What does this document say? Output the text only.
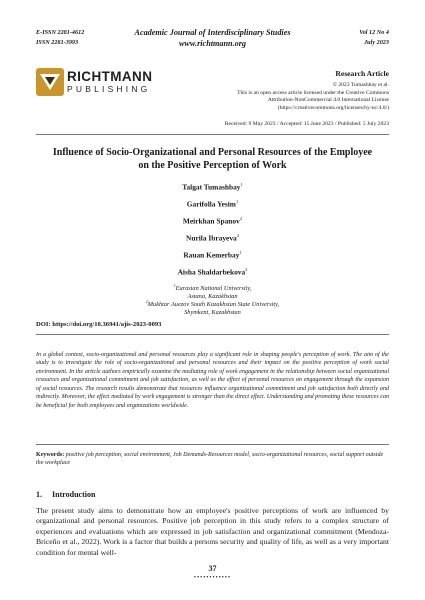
E-ISSN 2281-4612
ISSN 2281-3993
Academic Journal of Interdisciplinary Studies
www.richtmann.org
Vol 12 No 4
July 2023
RICHTMANN
PUBLISHING
Research Article
© 2023 Tumashbay et al.
This is an open access article licensed under the Creative Commons
Attribution-NonCommercial 4.0 International License
(https://creativecommons.org/licenses/by-nc/4.0/)
Received: 9 May 2023 / Accepted: 15 June 2023 / Published: 5 July 2023
Influence of Socio-Organizational and Personal Resources of the Employee on the Positive Perception of Work
Talgat Tumashbay$^1$
Garifolla Yesim$^1$
Meirkhan Spanov$^2$
Nurila Ibrayeva$^2$
Rauan Kemerbay$^1$
Aisha Shaldarbekova$^2$
$^1$Eurasian National University,
Astana, Kazakhstan
$^2$Mukhtar Auezov South Kazakhstan State University,
Shymkent, Kazakhstan
DOI: https://doi.org/10.36941/ajis-2023-0093
In a global context, socio-organizational and personal resources play a significant role in shaping people's perception of work. The aim of the study is to investigate the role of socio-organizational and personal resources and their impact on the positive perception of work social environment. In the article authors empirically examine the mediating role of work engagement in the relationship between social organizational resources and organizational commitment and job satisfaction, as well as the effect of personal resources on engagement through the expansion of social resources. The research results demonstrate that resources influence organizational commitment and job satisfaction both directly and indirectly. Moreover, the effect mediated by work engagement is stronger than the direct effect. Understanding and promoting these resources can be beneficial for both employees and organizations worldwide.
Keywords: positive job perception, social environment, Job Demands-Resources model, socio-organizational resources, social support outside the workplace
1. Introduction
The present study aims to demonstrate how an employee's positive perceptions of work are influenced by organizational and personal resources. Positive job perception in this study refers to a complex structure of experiences and evaluations which are expressed in job satisfaction and organizational commitment (Mendoza-Briceño et al., 2022). Work is a factor that builds a persons security and quality of life, as well as a very important condition for mental well-
37
••••••••••••
